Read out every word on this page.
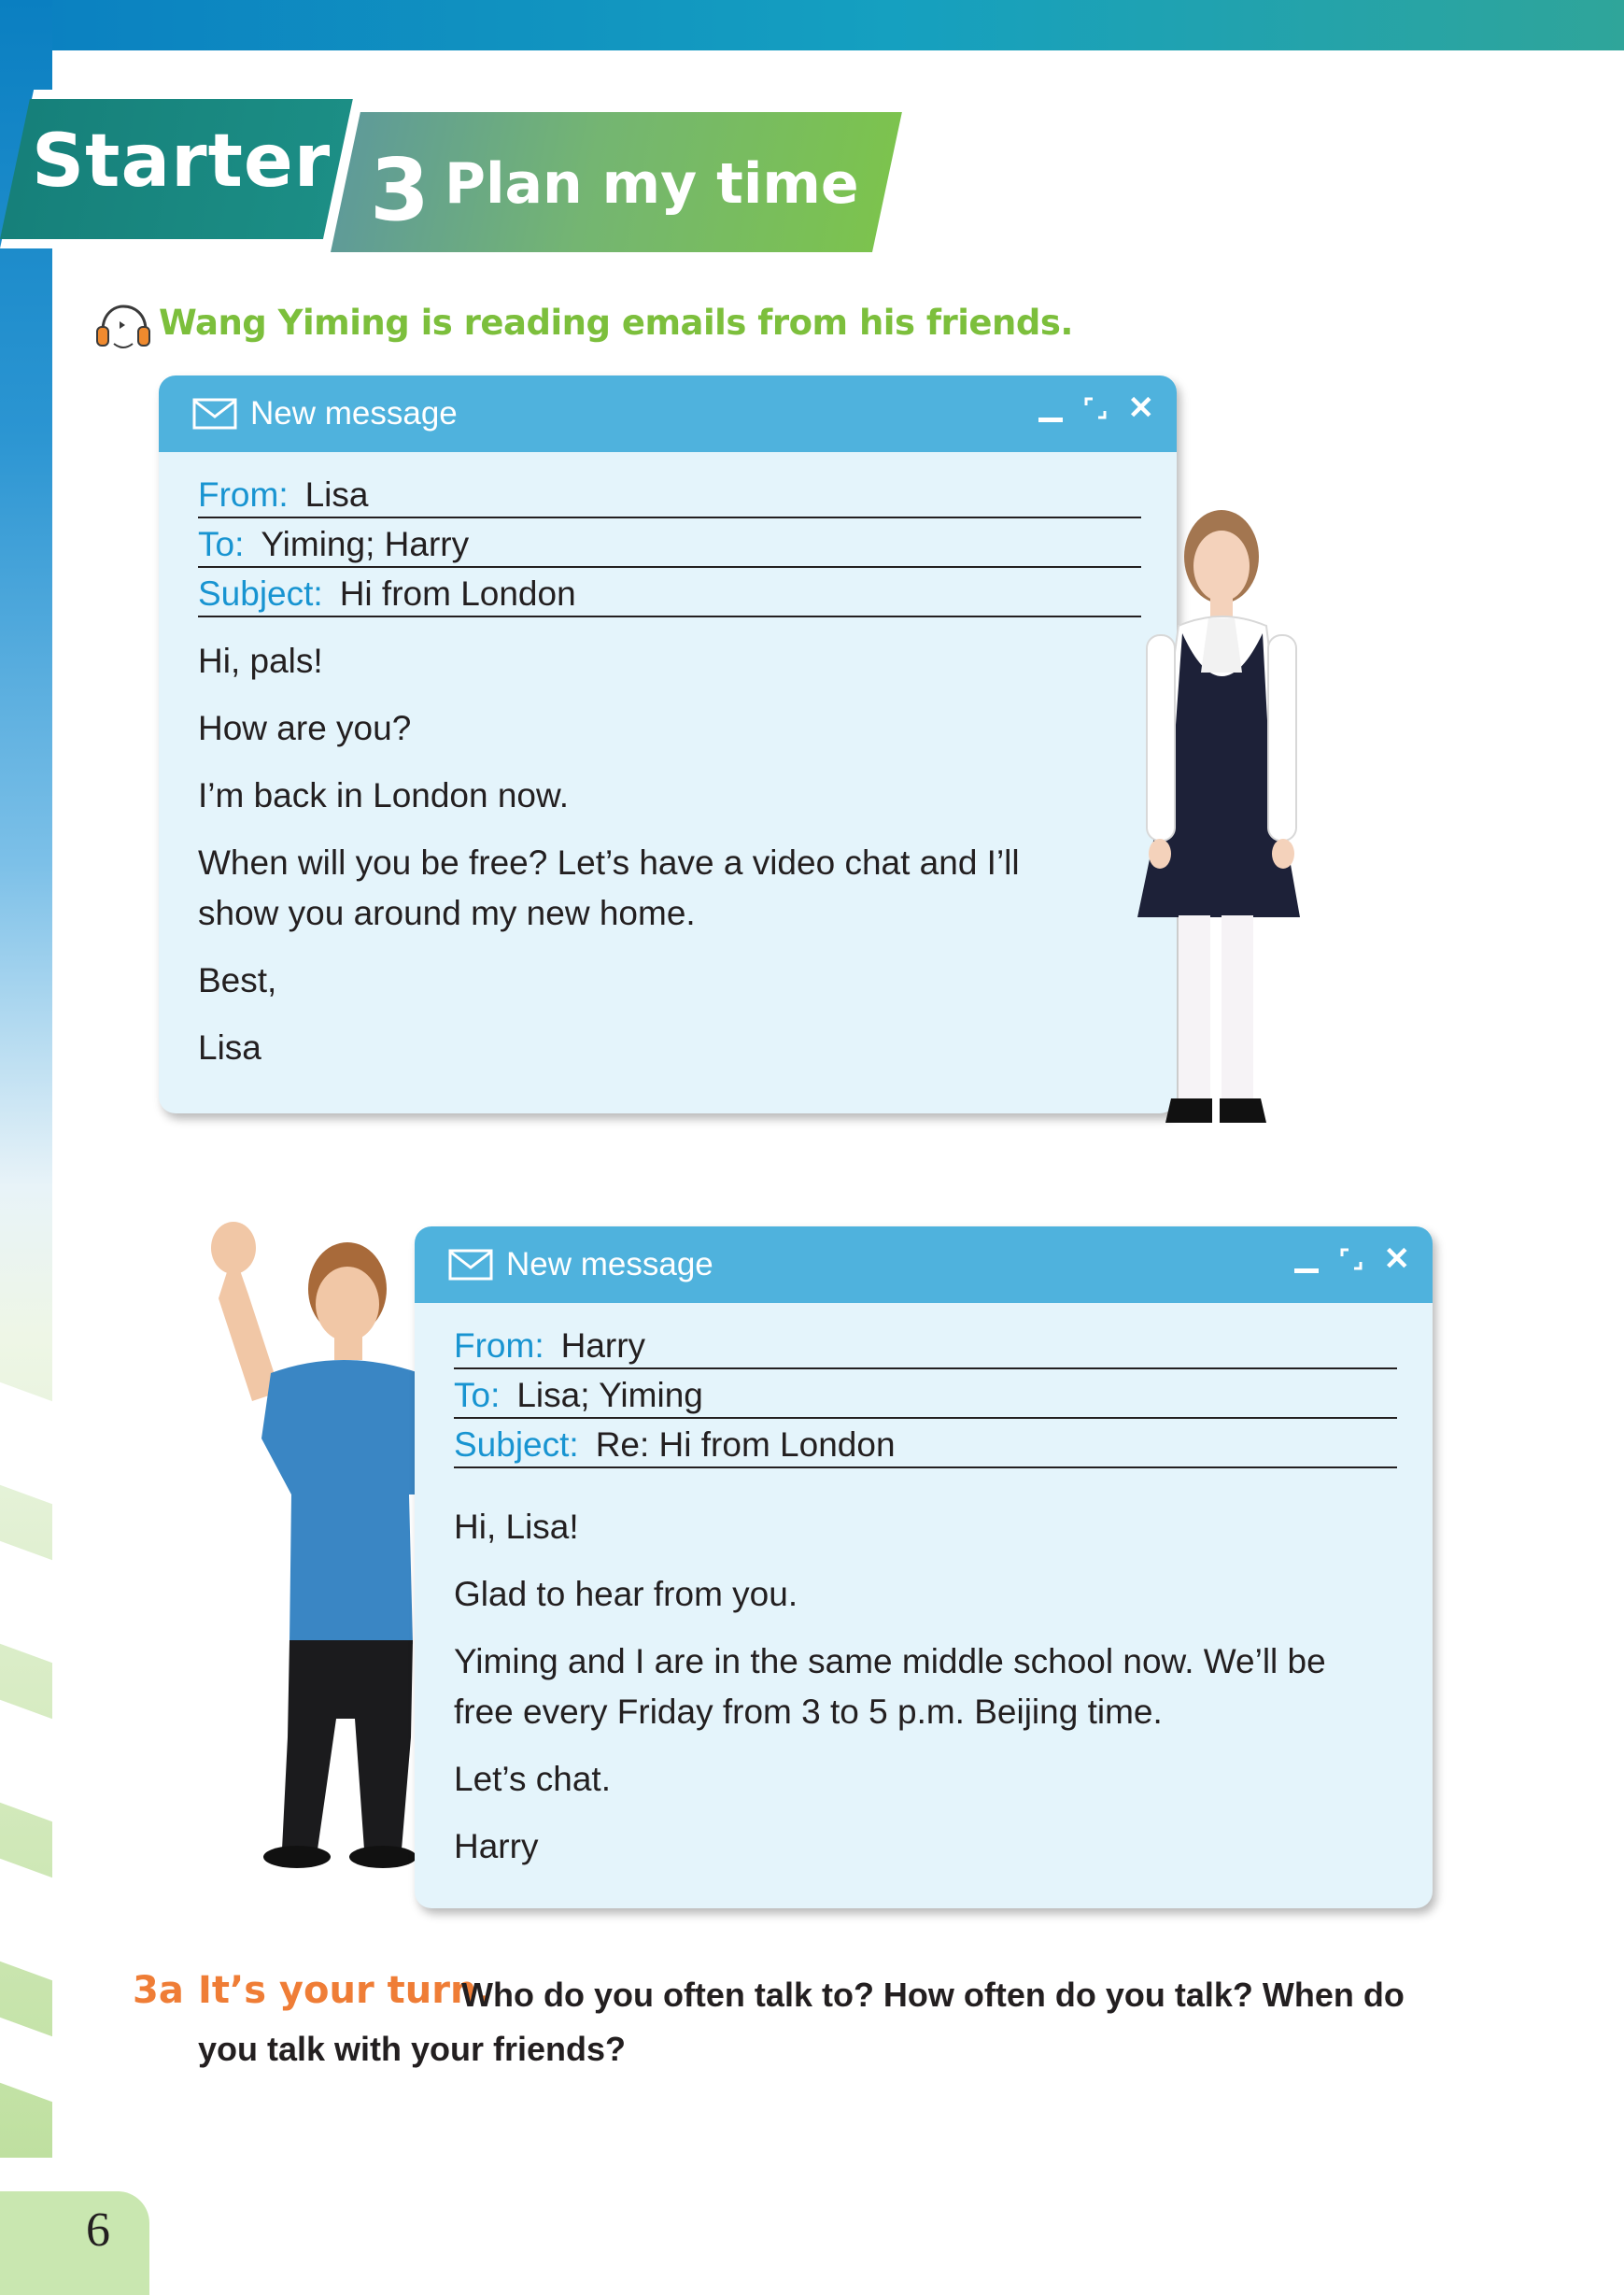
Starter 3 Plan my time
Wang Yiming is reading emails from his friends.
New message	✕
From: Lisa
To: Yiming; Harry
Subject: Hi from London

Hi, pals!

How are you?

I’m back in London now.

When will you be free? Let’s have a video chat and I’ll show you around my new home.

Best,

Lisa

New message	✕
From: Harry
To: Lisa; Yiming
Subject: Re: Hi from London

Hi, Lisa!

Glad to hear from you.

Yiming and I are in the same middle school now. We’ll be free every Friday from 3 to 5 p.m. Beijing time.

Let’s chat.

Harry

3a It’s your turn.
Who do you often talk to? How often do you talk? When do
you talk with your friends?
6
